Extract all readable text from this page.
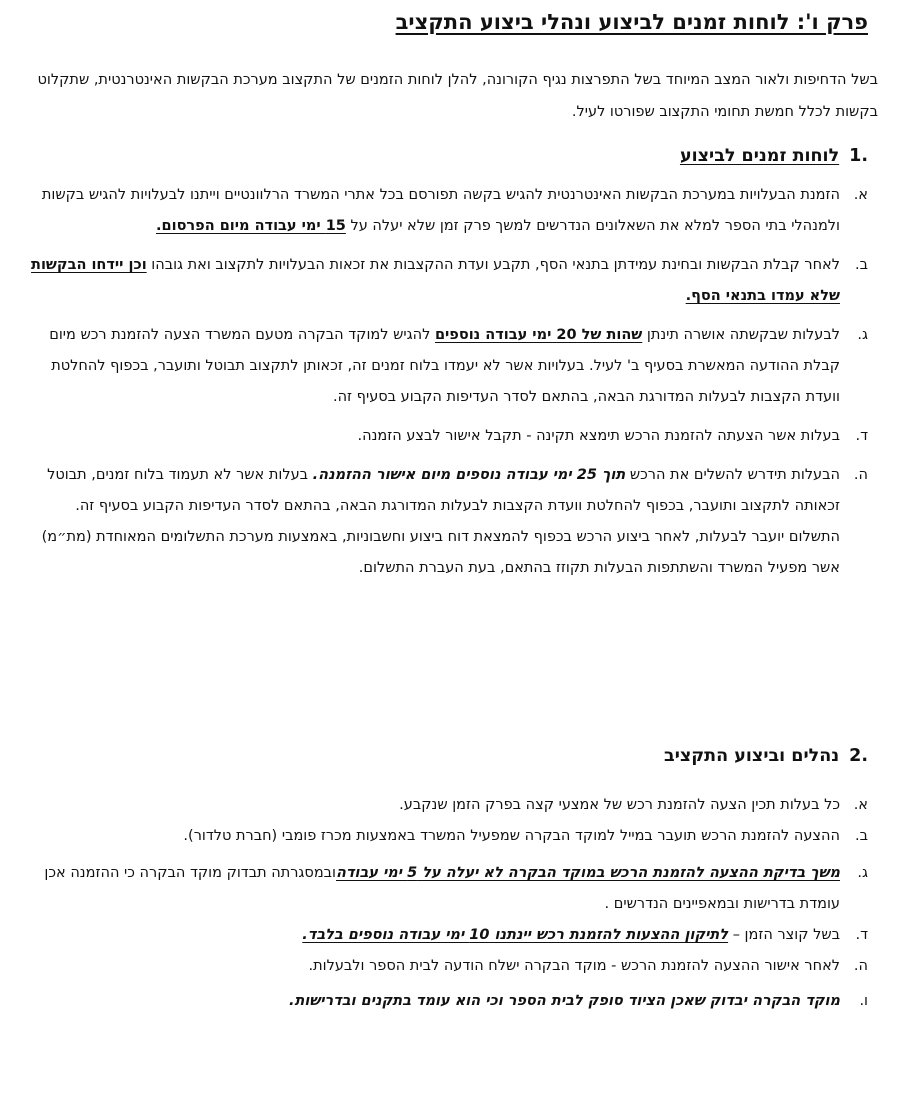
פרק ו': לוחות זמנים לביצוע ונהלי ביצוע התקציב

בשל הדחיפות ולאור המצב המיוחד בשל התפרצות נגיף הקורונה, להלן לוחות הזמנים של התקצוב מערכת הבקשות האינטרנטית, שתקלוט בקשות לכלל חמשת תחומי התקצוב שפורטו לעיל.

.1לוחות זמנים לביצוע
א.

הזמנת הבעלויות במערכת הבקשות האינטרנטית להגיש בקשה תפורסם בכל אתרי המשרד הרלוונטיים וייתנו לבעלויות להגיש בקשות ולמנהלי בתי הספר למלא את השאלונים הנדרשים למשך פרק זמן שלא יעלה על 15 ימי עבודה מיום הפרסום.

ב.

לאחר קבלת הבקשות ובחינת עמידתן בתנאי הסף, תקבע ועדת ההקצבות את זכאות הבעלויות לתקצוב ואת גובהו וכן יידחו הבקשות שלא עמדו בתנאי הסף.

ג.

לבעלות שבקשתה אושרה תינתן שהות של 20 ימי עבודה נוספים להגיש למוקד הבקרה מטעם המשרד הצעה להזמנת רכש מיום קבלת ההודעה המאשרת בסעיף ב' לעיל. בעלויות אשר לא יעמדו בלוח זמנים זה, זכאותן לתקצוב תבוטל ותועבר, בכפוף להחלטת וועדת הקצבות לבעלות המדורגת הבאה, בהתאם לסדר העדיפות הקבוע בסעיף זה.

ד.

בעלות אשר הצעתה להזמנת הרכש תימצא תקינה - תקבל אישור לבצע הזמנה.

ה.

הבעלות תידרש להשלים את הרכש תוך 25 ימי עבודה נוספים מיום אישור ההזמנה. בעלות אשר לא תעמוד בלוח זמנים, תבוטל זכאותה לתקצוב ותועבר, בכפוף להחלטת וועדת הקצבות לבעלות המדורגת הבאה, בהתאם לסדר העדיפות הקבוע בסעיף זה.

התשלום יועבר לבעלות, לאחר ביצוע הרכש בכפוף להמצאת דוח ביצוע וחשבוניות, באמצעות מערכת התשלומים המאוחדת (מת״מ) אשר מפעיל המשרד והשתתפות הבעלות תקוזז בהתאם, בעת העברת התשלום.

.2נהלים וביצוע התקציב
א.

כל בעלות תכין הצעה להזמנת רכש של אמצעי קצה בפרק הזמן שנקבע.

ב.

ההצעה להזמנת הרכש תועבר במייל למוקד הבקרה שמפעיל המשרד באמצעות מכרז פומבי (חברת טלדור).

ג.

משך בדיקת ההצעה להזמנת הרכש במוקד הבקרה לא יעלה על 5 ימי עבודהובמסגרתה תבדוק מוקד הבקרה כי ההזמנה אכן עומדת בדרישות ובמאפיינים הנדרשים .

ד.

בשל קוצר הזמן – לתיקון ההצעות להזמנת רכש יינתנו 10 ימי עבודה נוספים בלבד.

ה.

לאחר אישור ההצעה להזמנת הרכש - מוקד הבקרה ישלח הודעה לבית הספר ולבעלות.

ו.

מוקד הבקרה יבדוק שאכן הציוד סופק לבית הספר וכי הוא עומד בתקנים ובדרישות.
